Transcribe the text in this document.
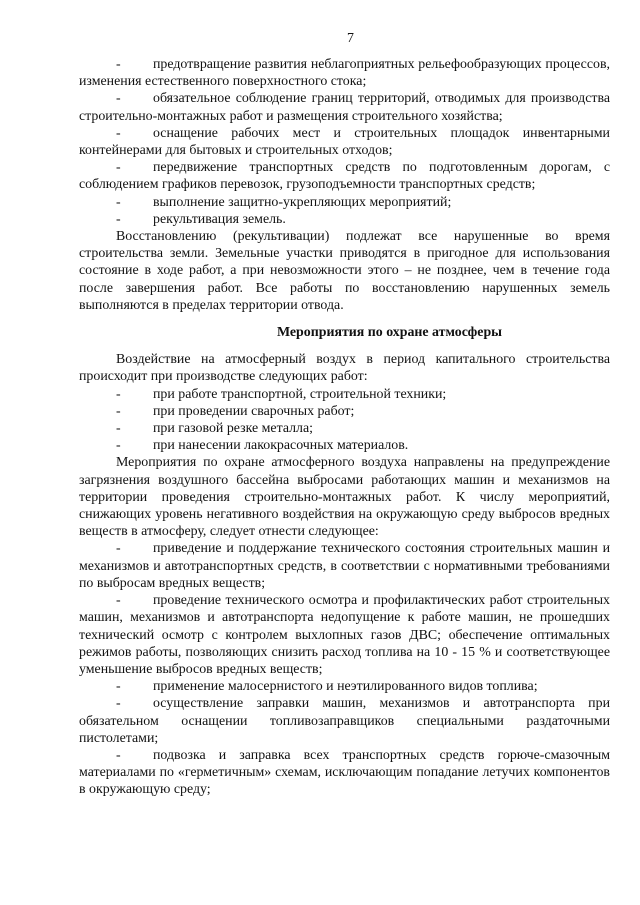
7

- предотвращение развития неблагоприятных рельефообразующих процессов, изменения естественного поверхностного стока;

- обязательное соблюдение границ территорий, отводимых для производства строительно-монтажных работ и размещения строительного хозяйства;

- оснащение рабочих мест и строительных площадок инвентарными контейнерами для бытовых и строительных отходов;

- передвижение транспортных средств по подготовленным дорогам, с соблюдением графиков перевозок, грузоподъемности транспортных средств;

- выполнение защитно-укрепляющих мероприятий;

- рекультивация земель.

Восстановлению (рекультивации) подлежат все нарушенные во время строительства земли. Земельные участки приводятся в пригодное для использования состояние в ходе работ, а при невозможности этого – не позднее, чем в течение года после завершения работ. Все работы по восстановлению нарушенных земель выполняются в пределах территории отвода.

Мероприятия по охране атмосферы

Воздействие на атмосферный воздух в период капитального строительства происходит при производстве следующих работ:

- при работе транспортной, строительной техники;

- при проведении сварочных работ;

- при газовой резке металла;

- при нанесении лакокрасочных материалов.

Мероприятия по охране атмосферного воздуха направлены на предупреждение загрязнения воздушного бассейна выбросами работающих машин и механизмов на территории проведения строительно-монтажных работ. К числу мероприятий, снижающих уровень негативного воздействия на окружающую среду выбросов вредных веществ в атмосферу, следует отнести следующее:

- приведение и поддержание технического состояния строительных машин и механизмов и автотранспортных средств, в соответствии с нормативными требованиями по выбросам вредных веществ;

- проведение технического осмотра и профилактических работ строительных машин, механизмов и автотранспорта недопущение к работе машин, не прошедших технический осмотр с контролем выхлопных газов ДВС; обеспечение оптимальных режимов работы, позволяющих снизить расход топлива на 10 - 15 % и соответствующее уменьшение выбросов вредных веществ;

- применение малосернистого и неэтилированного видов топлива;

- осуществление заправки машин, механизмов и автотранспорта при обязательном оснащении топливозаправщиков специальными раздаточными пистолетами;

- подвозка и заправка всех транспортных средств горюче-смазочным материалами по «герметичным» схемам, исключающим попадание летучих компонентов в окружающую среду;
